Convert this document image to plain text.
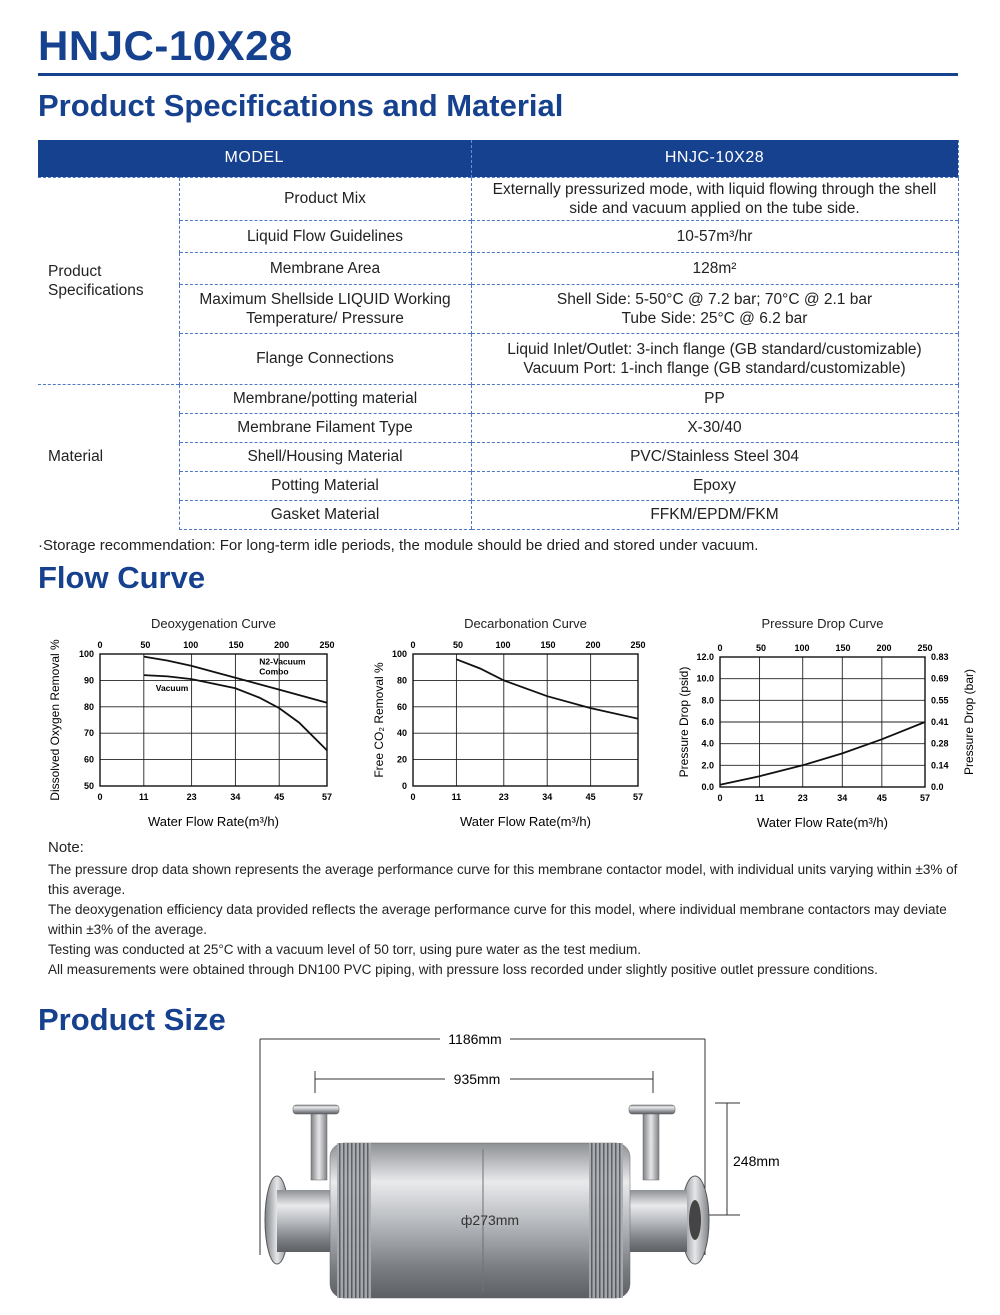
HNJC-10X28
Product Specifications and Material
MODEL		HNJC-10X28
Product Specifications	Product Mix	Externally pressurized mode, with liquid flowing through the shell side and vacuum applied on the tube side.
	Liquid Flow Guidelines	10-57m³/hr
	Membrane Area	128m²
	Maximum Shellside LIQUID Working Temperature/ Pressure	Shell Side: 5-50°C @ 7.2 bar; 70°C @ 2.1 bar
Tube Side: 25°C @ 6.2 bar
	Flange Connections	Liquid Inlet/Outlet: 3-inch flange (GB standard/customizable)
Vacuum Port: 1-inch flange (GB standard/customizable)
Material	Membrane/potting material	PP
	Membrane Filament Type	X-30/40
	Shell/Housing Material	PVC/Stainless Steel 304
	Potting Material	Epoxy
	Gasket Material	FFKM/EPDM/FKM
·Storage recommendation: For long-term idle periods, the module should be dried and stored under vacuum.
Flow Curve
Deoxygenation Curve
50
60
70
80
90
100
0	11	23	34	45	57
0	50	100	150	200	250
N2-Vacuum
Combo
Vacuum
Water Flow Rate(m³/h)
Dissolved Oxygen Removal %
Decarbonation Curve
0
20
40
60
80
100
0	11	23	34	45	57
0	50	100	150	200	250
Water Flow Rate(m³/h)
Free CO₂ Removal %
Pressure Drop Curve
0.0
2.0
4.0
6.0
8.0
10.0
12.0
0.0
0.14
0.28
0.41
0.55
0.69
0.83
Pressure Drop (bar)
0	11	23	34	45	57
0	50	100	150	200	250
Water Flow Rate(m³/h)
Pressure Drop (psid)
Note:
The pressure drop data shown represents the average performance curve for this membrane contactor model, with individual units varying within ±3% of this average.
The deoxygenation efficiency data provided reflects the average performance curve for this model, where individual membrane contactors may deviate within ±3% of the average.
Testing was conducted at 25°C with a vacuum level of 50 torr, using pure water as the test medium.
All measurements were obtained through DN100 PVC piping, with pressure loss recorded under slightly positive outlet pressure conditions.
Product Size
1186mm
935mm
248mm
ф273mm
